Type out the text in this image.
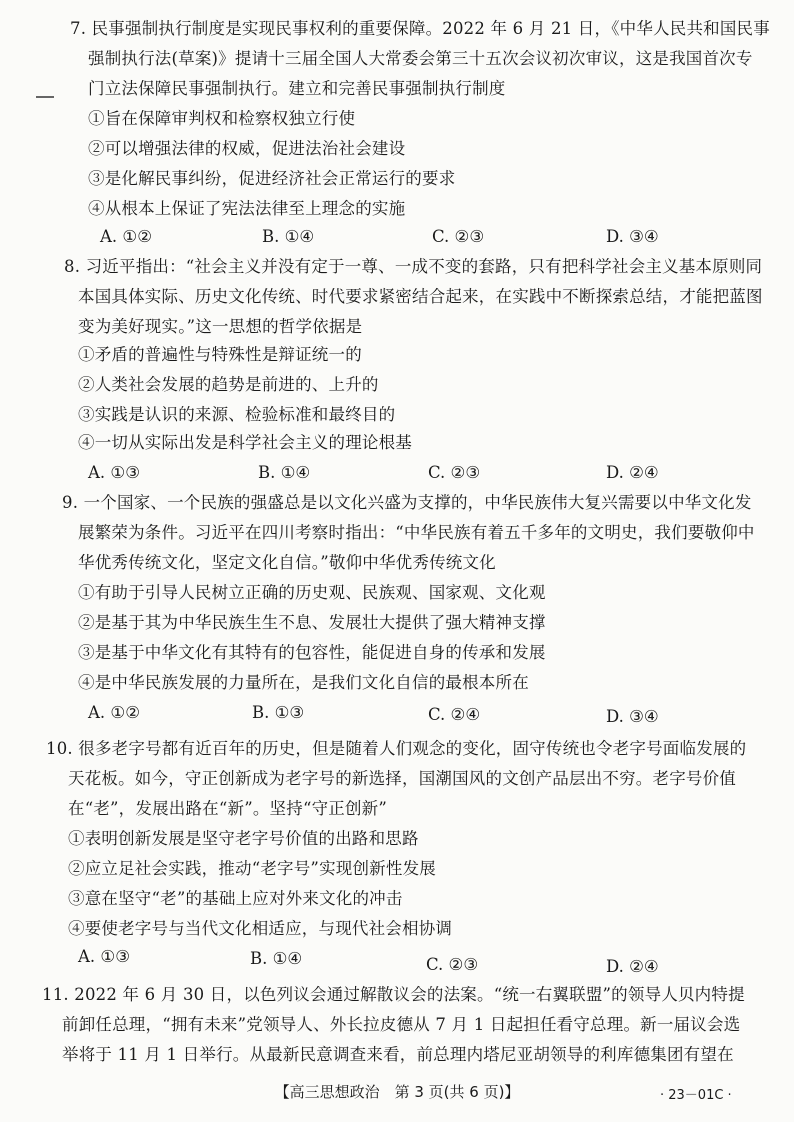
7. 民事强制执行制度是实现民事权利的重要保障。2022 年 6 月 21 日，《中华人民共和国民事
强制执行法(草案)》提请十三届全国人大常委会第三十五次会议初次审议，这是我国首次专
门立法保障民事强制执行。建立和完善民事强制执行制度
①旨在保障审判权和检察权独立行使
②可以增强法律的权威，促进法治社会建设
③是化解民事纠纷，促进经济社会正常运行的要求
④从根本上保证了宪法法律至上理念的实施
A. ①②	B. ①④	C. ②③	D. ③④
8. 习近平指出：“社会主义并没有定于一尊、一成不变的套路，只有把科学社会主义基本原则同
本国具体实际、历史文化传统、时代要求紧密结合起来，在实践中不断探索总结，才能把蓝图
变为美好现实。”这一思想的哲学依据是
①矛盾的普遍性与特殊性是辩证统一的
②人类社会发展的趋势是前进的、上升的
③实践是认识的来源、检验标准和最终目的
④一切从实际出发是科学社会主义的理论根基
A. ①③	B. ①④	C. ②③	D. ②④
9. 一个国家、一个民族的强盛总是以文化兴盛为支撑的，中华民族伟大复兴需要以中华文化发
展繁荣为条件。习近平在四川考察时指出：“中华民族有着五千多年的文明史，我们要敬仰中
华优秀传统文化，坚定文化自信。”敬仰中华优秀传统文化
①有助于引导人民树立正确的历史观、民族观、国家观、文化观
②是基于其为中华民族生生不息、发展壮大提供了强大精神支撑
③是基于中华文化有其特有的包容性，能促进自身的传承和发展
④是中华民族发展的力量所在，是我们文化自信的最根本所在
A. ①②	B. ①③	C. ②④	D. ③④
10. 很多老字号都有近百年的历史，但是随着人们观念的变化，固守传统也令老字号面临发展的
天花板。如今，守正创新成为老字号的新选择，国潮国风的文创产品层出不穷。老字号价值
在“老”，发展出路在“新”。坚持“守正创新”
①表明创新发展是坚守老字号价值的出路和思路
②应立足社会实践，推动“老字号”实现创新性发展
③意在坚守“老”的基础上应对外来文化的冲击
④要使老字号与当代文化相适应，与现代社会相协调
A. ①③	B. ①④	C. ②③	D. ②④
11. 2022 年 6 月 30 日，以色列议会通过解散议会的法案。“统一右翼联盟”的领导人贝内特提
前卸任总理，“拥有未来”党领导人、外长拉皮德从 7 月 1 日起担任看守总理。新一届议会选
举将于 11 月 1 日举行。从最新民意调查来看，前总理内塔尼亚胡领导的利库德集团有望在
【高三思想政治　第 3 页(共 6 页)】	· 23－01C ·
